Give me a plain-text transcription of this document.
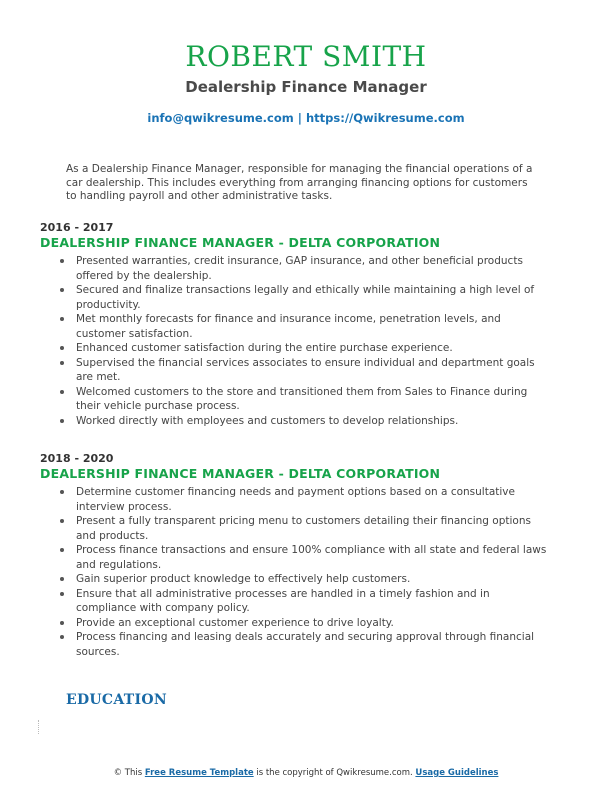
ROBERT SMITH
Dealership Finance Manager
info@qwikresume.com | https://Qwikresume.com
As a Dealership Finance Manager, responsible for managing the financial operations of a car dealership. This includes everything from arranging financing options for customers to handling payroll and other administrative tasks.
2016 - 2017
DEALERSHIP FINANCE MANAGER - DELTA CORPORATION
Presented warranties, credit insurance, GAP insurance, and other beneficial products offered by the dealership.
Secured and finalize transactions legally and ethically while maintaining a high level of productivity.
Met monthly forecasts for finance and insurance income, penetration levels, and customer satisfaction.
Enhanced customer satisfaction during the entire purchase experience.
Supervised the financial services associates to ensure individual and department goals are met.
Welcomed customers to the store and transitioned them from Sales to Finance during their vehicle purchase process.
Worked directly with employees and customers to develop relationships.
2018 - 2020
DEALERSHIP FINANCE MANAGER - DELTA CORPORATION
Determine customer financing needs and payment options based on a consultative interview process.
Present a fully transparent pricing menu to customers detailing their financing options and products.
Process finance transactions and ensure 100% compliance with all state and federal laws and regulations.
Gain superior product knowledge to effectively help customers.
Ensure that all administrative processes are handled in a timely fashion and in compliance with company policy.
Provide an exceptional customer experience to drive loyalty.
Process financing and leasing deals accurately and securing approval through financial sources.
EDUCATION
© This Free Resume Template is the copyright of Qwikresume.com. Usage Guidelines
